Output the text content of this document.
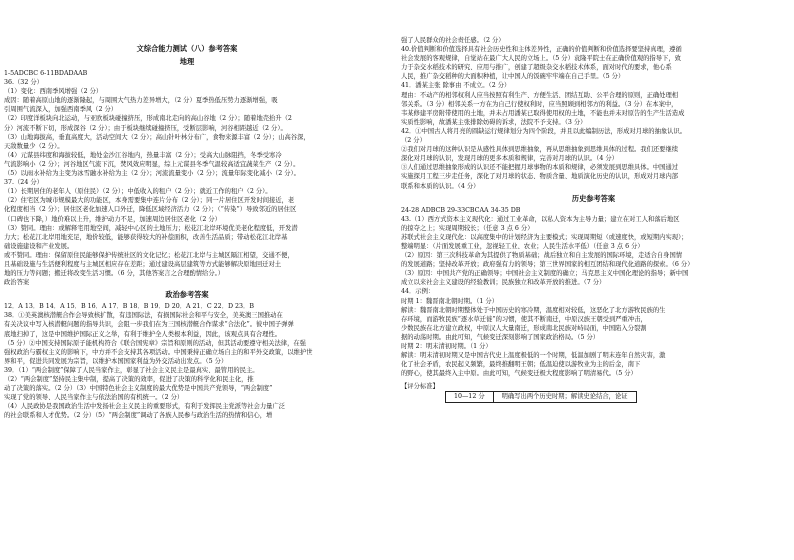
文综合能力测试（八）参考答案
地理

1-5ADCBC 6-11BDADAAB

36.（32 分）

（1）变化：西南季风增强（2 分）

成因：随着高原山地的逐渐隆起，与周围大气热力差异增大，（2 分）夏季热低压势力逐渐增强，吸

引周围气流深入，加强西南季风（2 分）

（2）印度洋板块向北运动，与亚欧板块碰撞挤压，形成南北走向的高山谷地（2 分）；随着地壳抬升（2

分）河流不断下切，形成深谷（2 分）；由于板块继续碰撞挤压，受断层影响，河谷相距越近（2 分）。

（3）山地海拔高，垂直高度大，活动空间大（2 分）；高山针叶林分布广，食物来源丰富（2 分）；山高谷深，

天敌数量少（2 分）。

（4）元谋县纬度和海拔较低，地处金沙江谷地内，热量丰富（2 分）；受高大山脉阻挡，冬季受寒冷

气流影响小（2 分）；河谷地区气流下沉，焚风效应明显，综上元谋县冬季气温较高适宜蔬菜生产（2 分）。

（5）以雨水补给为主变为冰雪融水补给为主（2 分）；河流流量变小（2 分）；流量年际变化减小（2 分）。

37.（24 分）

（1）长期居住的老年人（原住民）（2 分）；中低收入的租户（2 分）；就近工作的租户（2 分）。

（2）住宅区为城市规模最大的功能区，本身需要集中连片分布（2 分）；同一片居住区开发时间接近，老

化程度相当（2 分）；居住区老化加速人口外迁，降低区域经济活力（2 分）；（“传染”）导致邻近的居住区

（口碑也下降，）地价难以上升，维护动力不足，加速周边居住区老化（2 分）

（3）赞同。理由：或解释宅用地空间，减轻中心区的土地压力；松花江北岸环境优美老化程度低，开发潜

力大；松花江北岸用地充足，地价较低，能够获得较大的补偿面积，改善生活品质；带动松花江北岸基

础设施建设和产业发展。

或不赞同。理由：保留原住民能够保护传统社区的文化记忆；松花江北岸与主城区隔江相望，交通不便，

且基础设施与生活便利程度与主城区相应存在差距；通过建设高层建筑等方式能够解决原地回迁对土

地的压力等问题；搬迁将改变生活习惯。（6 分，其他答案言之合理酌情给分。）

政治答案

政治参考答案

12．A 13．B 14．A 15．B 16．A 17．B 18．B 19．D 20．A 21．C 22．D 23．B

38．①美英澳核潜艇合作会导致核扩散，有违国际法，有损国际社会和平与安全，美英澳三国推动在

有关决议中写入核潜艇问题的指导共识，会阻一步我们在为三国核潜艇合作谋求“合法化”。彼中国子弹弹

底地扫掉了，这是中国维护国际正义之举，有利于维护全人类根本利益，因此，该观点具有合理性。

（5 分）②中国支持国际原子能机构符合《联合国宪章》宗旨和原则的活动，但其活动要遵守相关法律，在强

强权政治与霸权主义的影响下，中方并不会支持其各项活动。中国秉持正确立场自主的和平外交政策，以维护世

界和平，促进共同发展为宗旨，以维护本国国家利益为外交活动出发点。（5 分）

39．（1）“两会制度”保障了人民当家作主，彰显了社会主义民主是最真实、最管用的民主。

（2）“两会制度”坚持民主集中制，提高了决策的效率，促进了决策的科学化和民主化，推

动了决策的落实。（2 分）（3）中国特色社会主义制度的最大优势是中国共产党领导，“两会制度”

实现了党的领导、人民当家作主与依法治国的有机统一。（2 分）

（4）人民政协是我国政治生活中发扬社会主义民主的重要形式，有利于发挥民主党派等社会力量广泛

的社会联系和人才优势。（2 分）（5）“两会制度”调动了各族人民参与政治生活的热情和信心，增

强了人民群众的社会责任感。（2 分）

40.价值判断和价值选择具有社会历史性和主体差异性，正确的价值判断和价值选择要坚持真理，遵循

社会发展的客观规律，自觉站在最广大人民的立场上。（5 分）袁隆平院士在正确价值观的指导下，致

力于杂交水稻技术的研究、应用与推广，创建了超级杂交水稻技术体系，面对时代的要求，他心系

人民，推广杂交稻种的大面积种植，让中国人的饭碗牢牢端在自己手里。（5 分）

41．潘某主张 除事由 不成立。（2 分）

理由：不动产的相邻权利人应当按照有利生产、方便生活、团结互助、公平合理的原则，正确处理相

邻关系。（3 分）相邻关系一方在为自己行使权利时，应当照顾到相邻方的利益。（3 分）在本案中，

韦某修建平房附带使用的土地，并未占用潘某已取得使用权的土地，不能也并未对原告的生产生活造成

实质性影响，故潘某主张排除妨碍的诉求，法院不予支持。（3 分）

42．①中国古人将月亮的圆缺运行规律划分为四个阶段，并且以此编制历法，形成对月球的抽象认识。

（2 分）

②我们对月球的这种认识是从感性具体到思维抽象，再从思维抽象到思维具体的过程。我们还要继续

深化对月球的认识，发现月球的更多本质和规律，完善对月球的认识。（4 分）

③人们通过思维抽象形成的认识还不能把握月球事物的本质和规律，必须发展到思维具体。中国通过

实施探月工程三步走任务，深化了对月球的状态、物质含量、地质演化历史的认识，形成对月球内部

联系和本质的认识。（4 分）

历史参考答案

24-28 ADBCB 29-33CBCAA 34-35 DB

43.（1）西方式资本主义现代化：通过工业革命，以私人资本为主导力量；建立在对工人和落后地区

的掠夺之上；实现周期较长；（任意 3 点 6 分）

苏联式社会主义现代化：以高度集中的计划经济为主要模式；实现周期短（或速度快，或短期内实现）；

整端明显：（片面发展重工业，忽视轻工业、农业；人民生活水平低）（任意 3 点 6 分）

（2）原因：第三次科技革命为其提供了物质基础；战后独立和自主发展的国际环境，走适合自身国情

的发展道路；坚持改革开放；政府强有力的领导；第三世界国家的相互团结和现代化道路的探索。（6 分）

（3）原因：中国共产党的正确领导；中国社会主义制度的确立；马克思主义中国化理论的指导；新中国

成立以来社会主义建设的经验教训；民族独立和改革开放的推进。（7 分）

44．示例：

时期 1：魏晋南北朝时期。（1 分）

解读：魏晋南北朝时期整体处于中国历史的寒冷期，温度相对较低，这恶化了北方游牧民族的生

存环境，而游牧民族“逐水草迁徙”的习惯，使其不断南迁，中原汉族王朝受到严重冲击，

少数民族在北方建立政权，中原汉人大量南迁，形成南北民族对峙局面，中国陷入分裂割

据的动荡时期。由此可知，气候变迁深刻影响了国家政治格局。（5 分）

时期 2：明末清初时期。（1 分）

解读：明末清初时期又是中国古代史上温度极低的一个时期，低温加剧了明末连年自然灾害，激

化了社会矛盾，农民起义频繁，最终推翻明王朝；低温迫使以游牧业为主的后金，南下

的野心，使其最终入主中原。由此可知，气候变迁极大程度影响了明清易代。（5 分）

【评分标准】
10—12 分	明确写出两个历史时期；解读史论结合，论证
